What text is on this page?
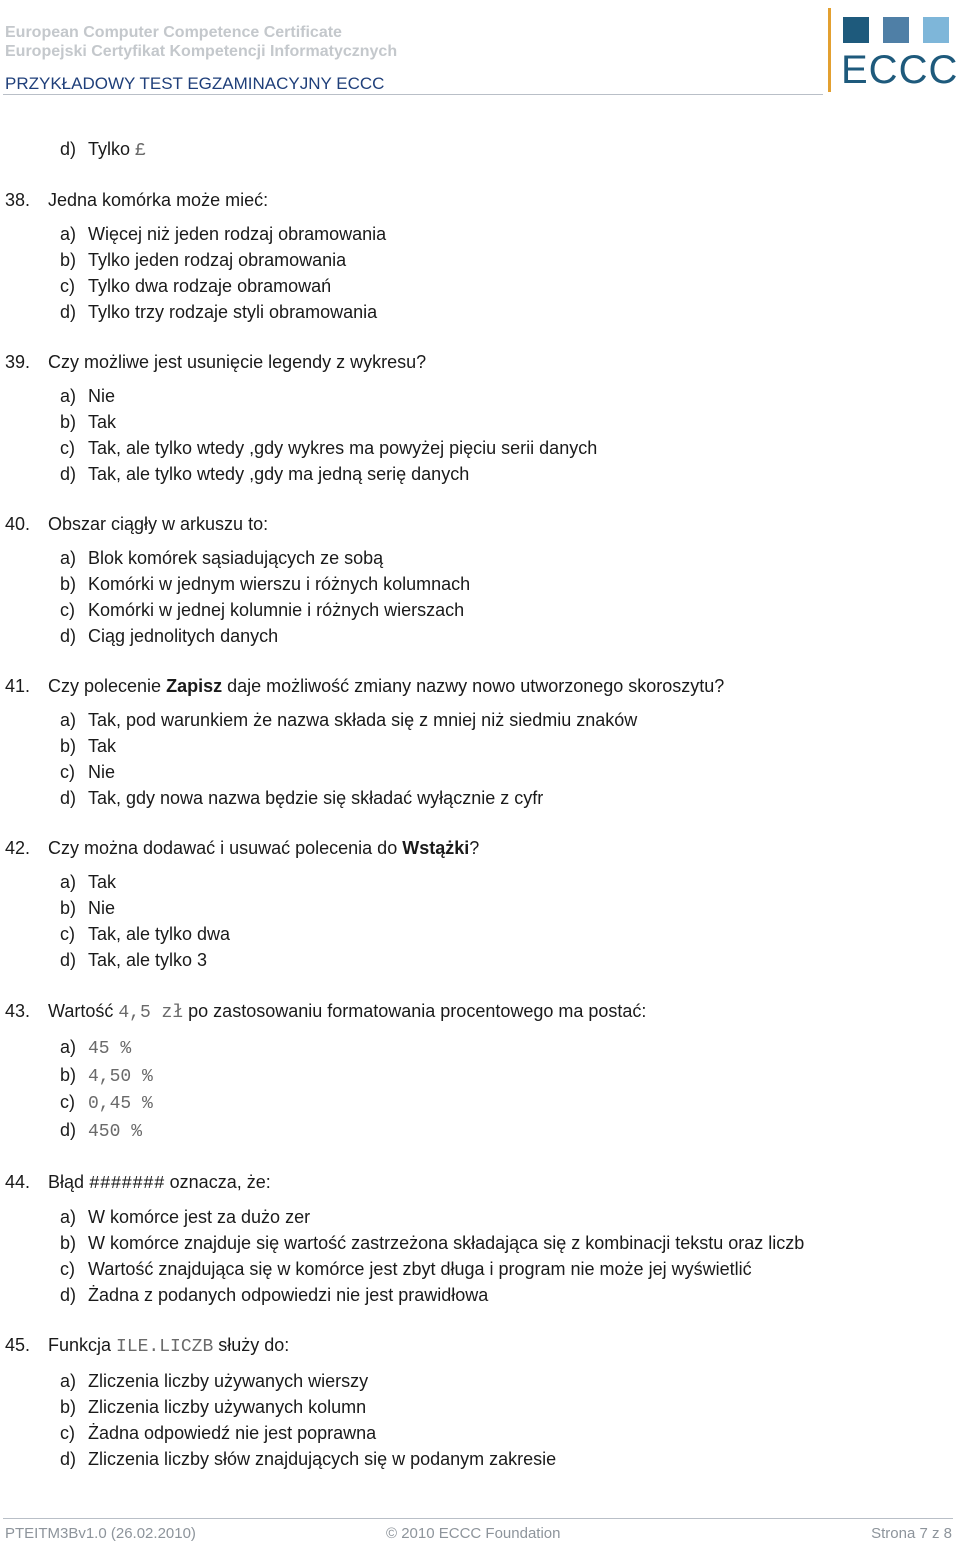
European Computer Competence Certificate
Europejski Certyfikat Kompetencji Informatycznych
PRZYKŁADOWY TEST EGZAMINACYJNY ECCC	ECCC
d) Tylko £
38. Jedna komórka może mieć:
a) Więcej niż jeden rodzaj obramowania
b) Tylko jeden rodzaj obramowania
c) Tylko dwa rodzaje obramowań
d) Tylko trzy rodzaje styli obramowania
39. Czy możliwe jest usunięcie legendy z wykresu?
a) Nie
b) Tak
c) Tak, ale tylko wtedy ,gdy wykres ma powyżej pięciu serii danych
d) Tak, ale tylko wtedy ,gdy ma jedną serię danych
40. Obszar ciągły w arkuszu to:
a) Blok komórek sąsiadujących ze sobą
b) Komórki w jednym wierszu i różnych kolumnach
c) Komórki w jednej kolumnie i różnych wierszach
d) Ciąg jednolitych danych
41. Czy polecenie Zapisz daje możliwość zmiany nazwy nowo utworzonego skoroszytu?
a) Tak, pod warunkiem że nazwa składa się z mniej niż siedmiu znaków
b) Tak
c) Nie
d) Tak, gdy nowa nazwa będzie się składać wyłącznie z cyfr
42. Czy można dodawać i usuwać polecenia do Wstążki?
a) Tak
b) Nie
c) Tak, ale tylko dwa
d) Tak, ale tylko 3
43. Wartość 4,5 zł po zastosowaniu formatowania procentowego ma postać:
a) 45 %
b) 4,50 %
c) 0,45 %
d) 450 %
44. Błąd ####### oznacza, że:
a) W komórce jest za dużo zer
b) W komórce znajduje się wartość zastrzeżona składająca się z kombinacji tekstu oraz liczb
c) Wartość znajdująca się w komórce jest zbyt długa i program nie może jej wyświetlić
d) Żadna z podanych odpowiedzi nie jest prawidłowa
45. Funkcja ILE.LICZB służy do:
a) Zliczenia liczby używanych wierszy
b) Zliczenia liczby używanych kolumn
c) Żadna odpowiedź nie jest poprawna
d) Zliczenia liczby słów znajdujących się w podanym zakresie
PTEITM3Bv1.0 (26.02.2010)	© 2010 ECCC Foundation	Strona 7 z 8
